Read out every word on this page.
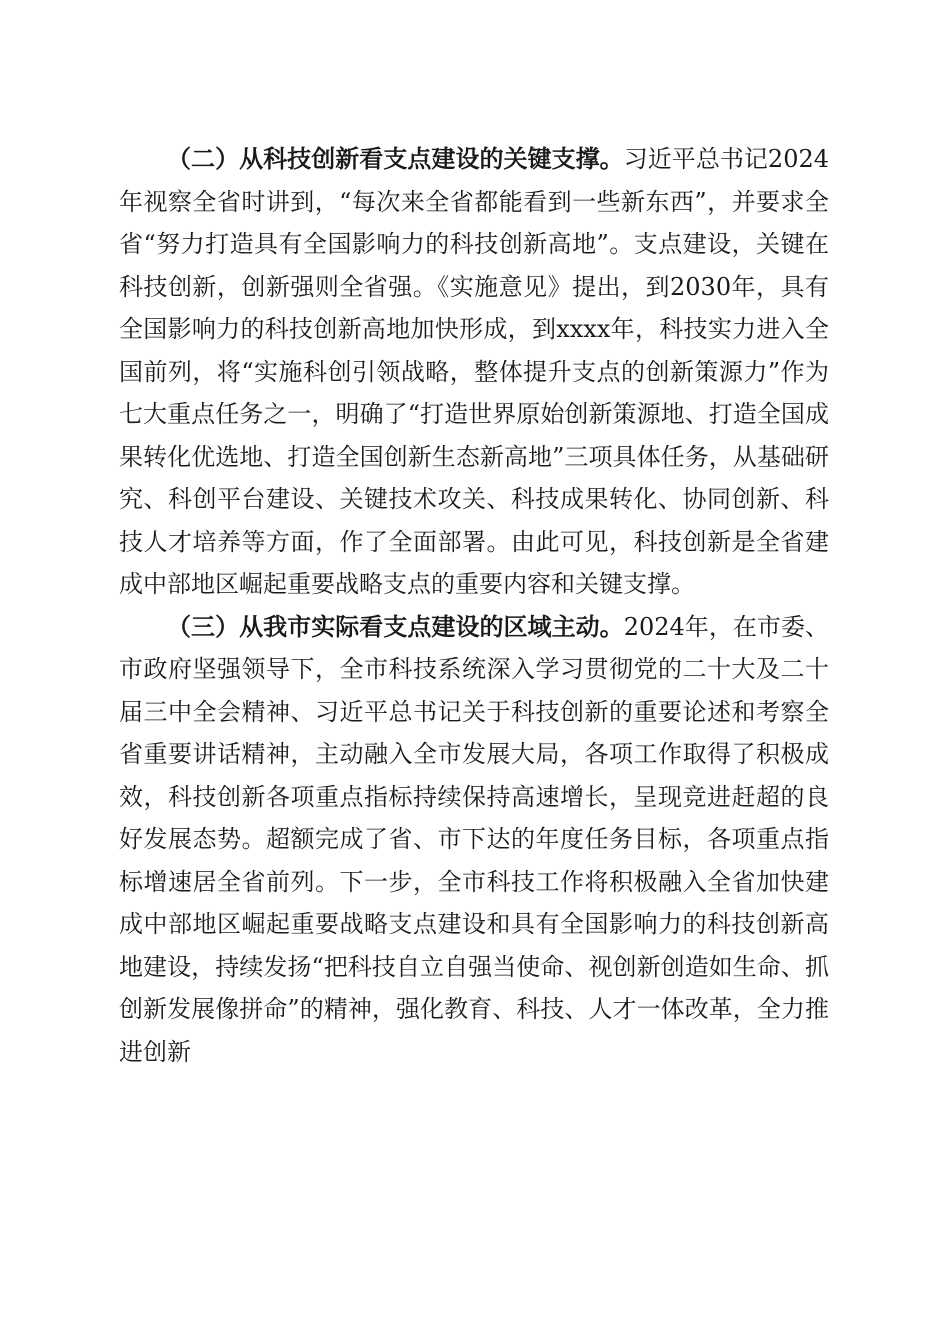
（二）从科技创新看支点建设的关键支撑。习近平总书记2024年视察全省时讲到，“每次来全省都能看到一些新东西”，并要求全省“努力打造具有全国影响力的科技创新高地”。支点建设，关键在科技创新，创新强则全省强。《实施意见》提出，到2030年，具有全国影响力的科技创新高地加快形成，到xxxx年，科技实力进入全国前列，将“实施科创引领战略，整体提升支点的创新策源力”作为七大重点任务之一，明确了“打造世界原始创新策源地、打造全国成果转化优选地、打造全国创新生态新高地”三项具体任务，从基础研究、科创平台建设、关键技术攻关、科技成果转化、协同创新、科技人才培养等方面，作了全面部署。由此可见，科技创新是全省建成中部地区崛起重要战略支点的重要内容和关键支撑。

（三）从我市实际看支点建设的区域主动。2024年，在市委、市政府坚强领导下，全市科技系统深入学习贯彻党的二十大及二十届三中全会精神、习近平总书记关于科技创新的重要论述和考察全省重要讲话精神，主动融入全市发展大局，各项工作取得了积极成效，科技创新各项重点指标持续保持高速增长，呈现竞进赶超的良好发展态势。超额完成了省、市下达的年度任务目标，各项重点指标增速居全省前列。下一步，全市科技工作将积极融入全省加快建成中部地区崛起重要战略支点建设和具有全国影响力的科技创新高地建设，持续发扬“把科技自立自强当使命、视创新创造如生命、抓创新发展像拼命”的精神，强化教育、科技、人才一体改革，全力推进创新
